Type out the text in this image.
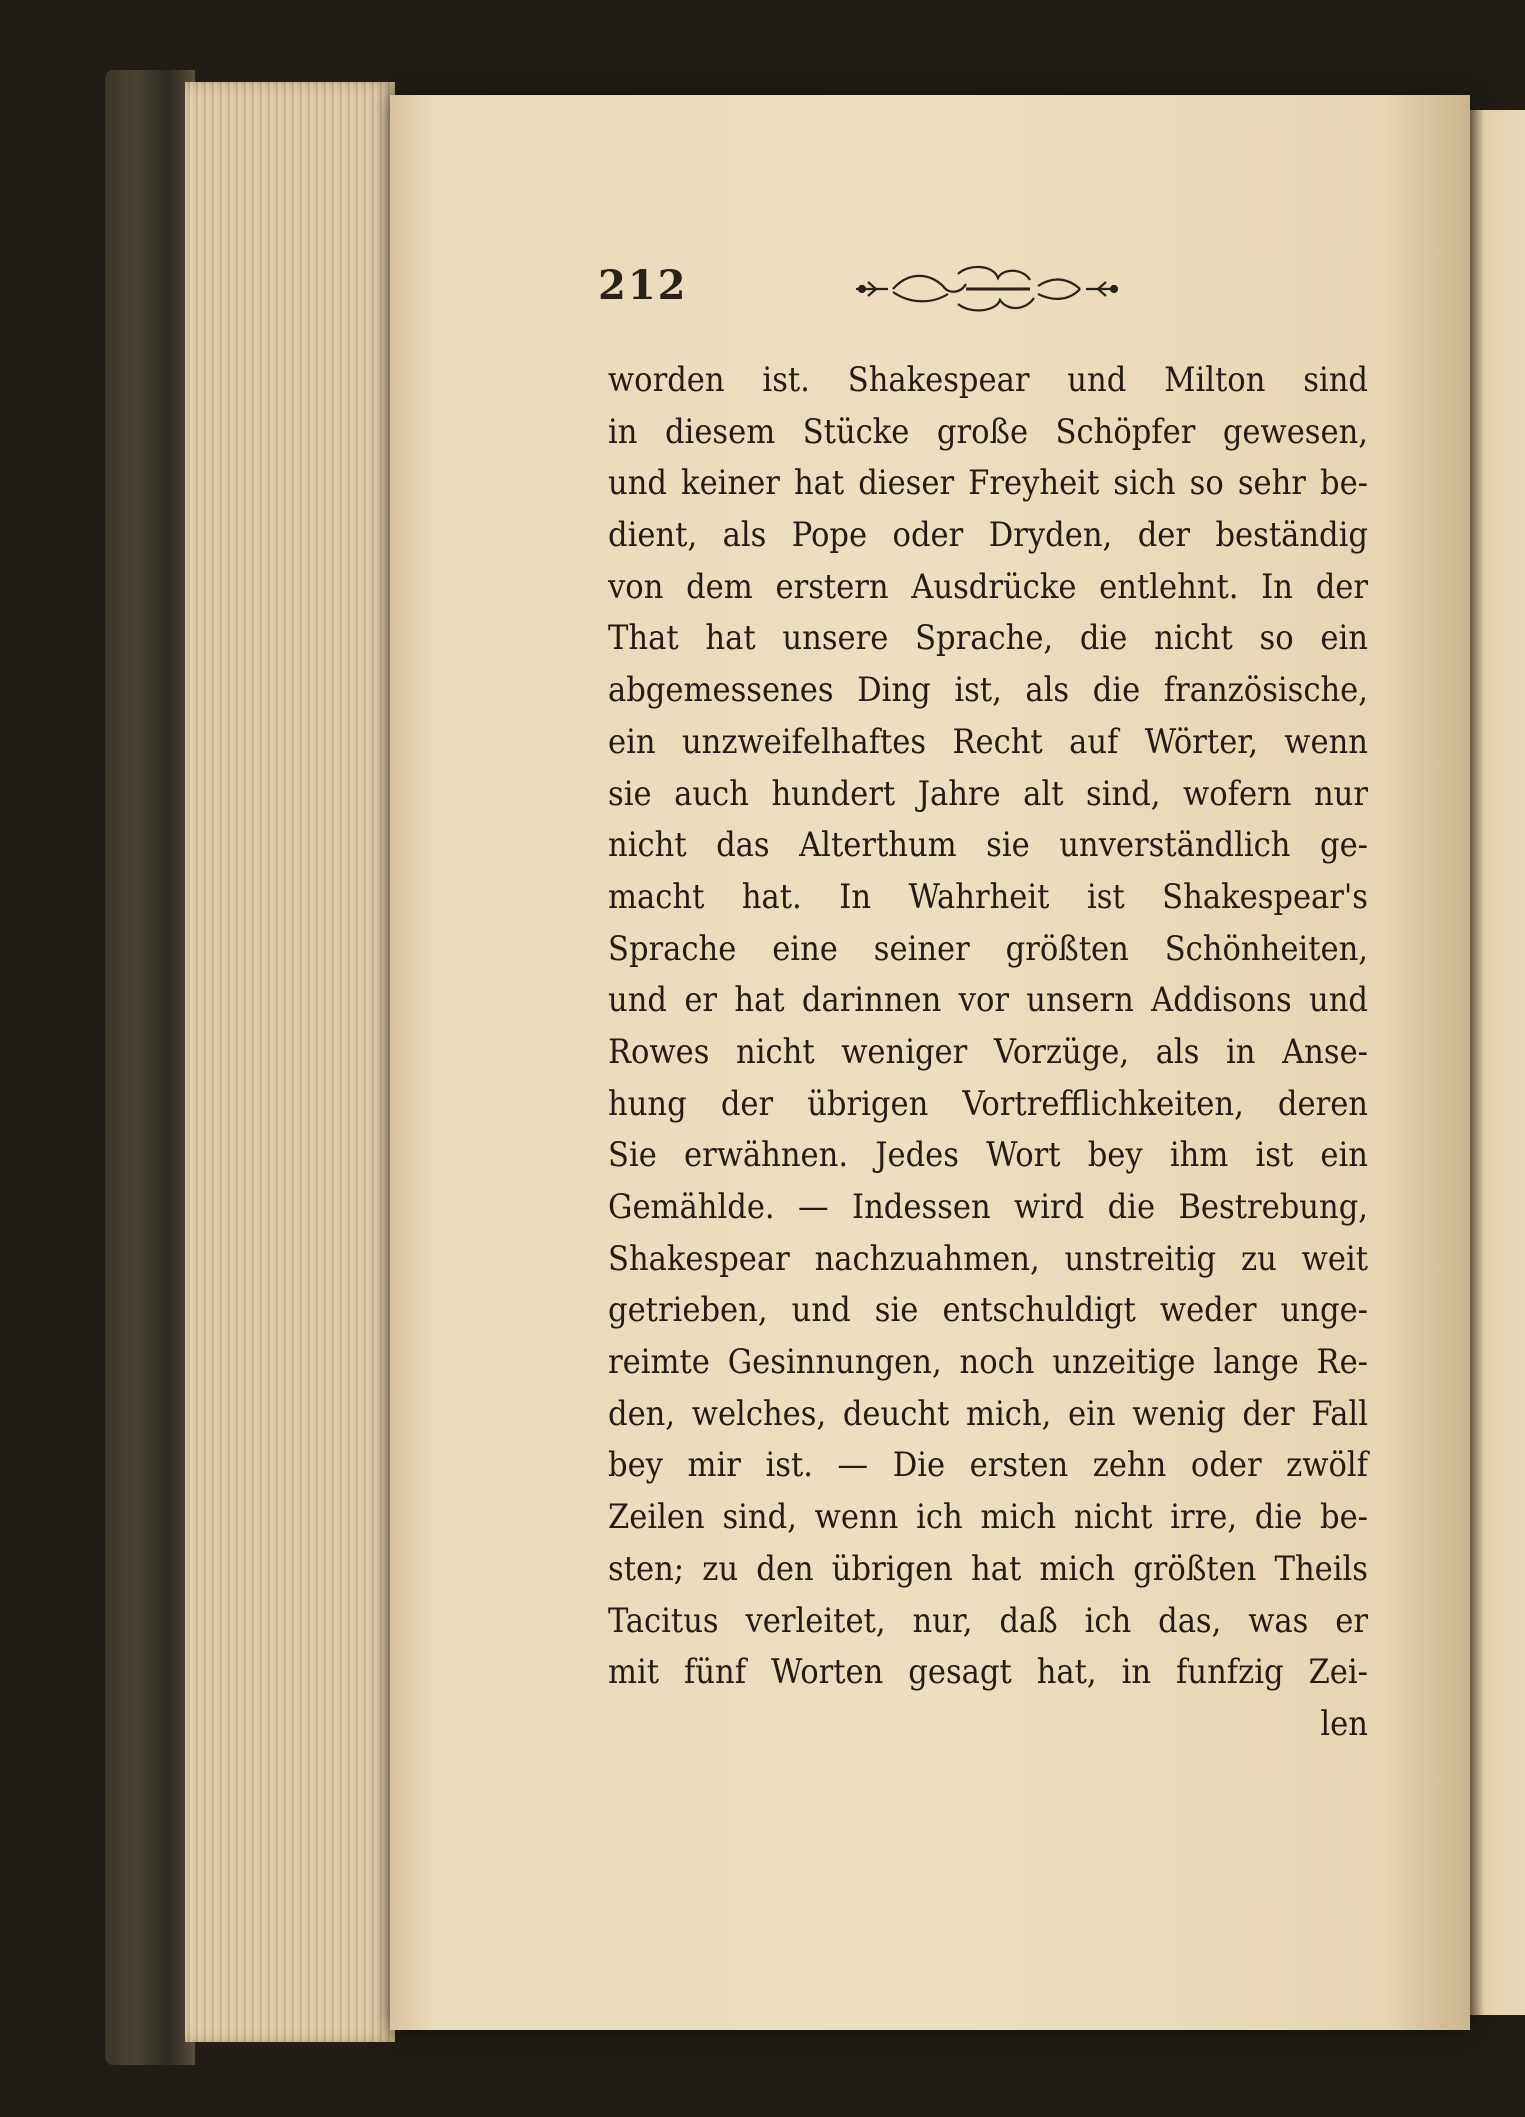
212
worden ist. Shakespear und Milton sind
in diesem Stücke große Schöpfer gewesen,
und keiner hat dieser Freyheit sich so sehr be-
dient, als Pope oder Dryden, der beständig
von dem erstern Ausdrücke entlehnt. In der
That hat unsere Sprache, die nicht so ein
abgemessenes Ding ist, als die französische,
ein unzweifelhaftes Recht auf Wörter, wenn
sie auch hundert Jahre alt sind, wofern nur
nicht das Alterthum sie unverständlich ge-
macht hat. In Wahrheit ist Shakespear's
Sprache eine seiner größten Schönheiten,
und er hat darinnen vor unsern Addisons und
Rowes nicht weniger Vorzüge, als in Anse-
hung der übrigen Vortrefflichkeiten, deren
Sie erwähnen. Jedes Wort bey ihm ist ein
Gemählde. — Indessen wird die Bestrebung,
Shakespear nachzuahmen, unstreitig zu weit
getrieben, und sie entschuldigt weder unge-
reimte Gesinnungen, noch unzeitige lange Re-
den, welches, deucht mich, ein wenig der Fall
bey mir ist. — Die ersten zehn oder zwölf
Zeilen sind, wenn ich mich nicht irre, die be-
sten; zu den übrigen hat mich größten Theils
Tacitus verleitet, nur, daß ich das, was er
mit fünf Worten gesagt hat, in funfzig Zei-
len
